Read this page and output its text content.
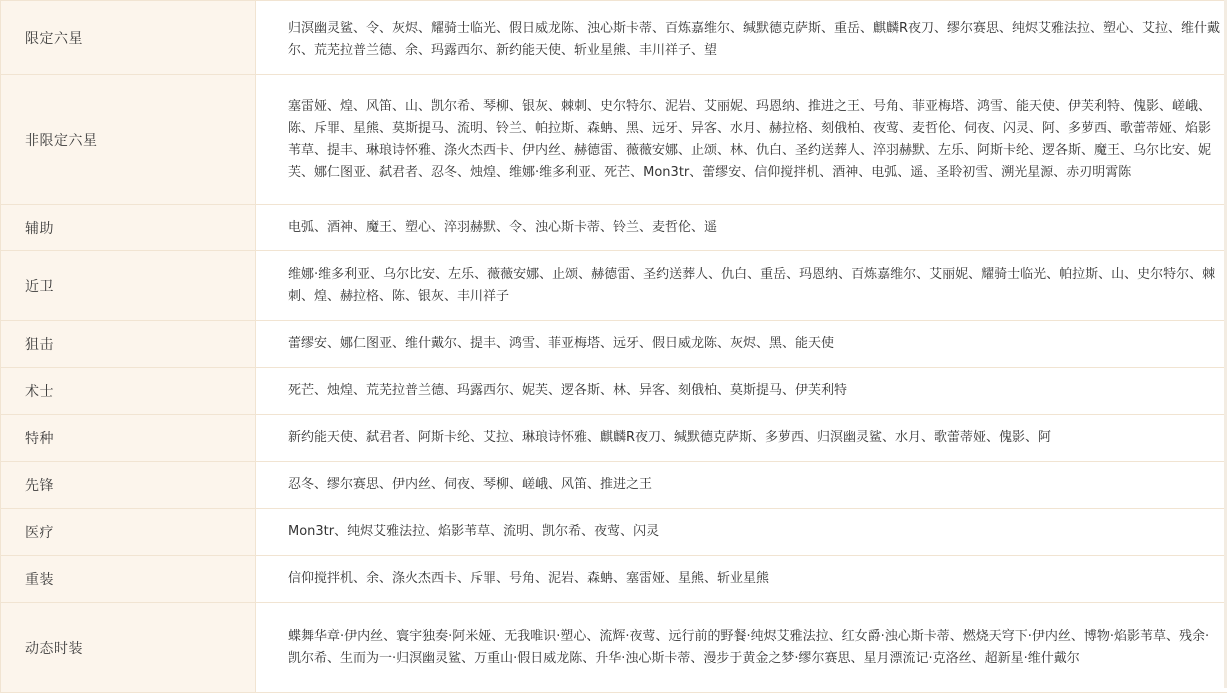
限定六星	归溟幽灵鲨、令、灰烬、耀骑士临光、假日威龙陈、浊心斯卡蒂、百炼嘉维尔、缄默德克萨斯、重岳、麒麟R夜刀、缪尔赛思、纯烬艾雅法拉、塑心、艾拉、维什戴尔、荒芜拉普兰德、余、玛露西尔、新约能天使、斩业星熊、丰川祥子、望
非限定六星	塞雷娅、煌、风笛、山、凯尔希、琴柳、银灰、棘刺、史尔特尔、泥岩、艾丽妮、玛恩纳、推进之王、号角、菲亚梅塔、鸿雪、能天使、伊芙利特、傀影、嵯峨、陈、斥罪、星熊、莫斯提马、流明、铃兰、帕拉斯、森蚺、黑、远牙、异客、水月、赫拉格、刻俄柏、夜莺、麦哲伦、伺夜、闪灵、阿、多萝西、歌蕾蒂娅、焰影苇草、提丰、琳琅诗怀雅、涤火杰西卡、伊内丝、赫德雷、薇薇安娜、止颂、林、仇白、圣约送葬人、淬羽赫默、左乐、阿斯卡纶、逻各斯、魔王、乌尔比安、妮芙、娜仁图亚、弑君者、忍冬、烛煌、维娜·维多利亚、死芒、Mon3tr、蕾缪安、信仰搅拌机、酒神、电弧、遥、圣聆初雪、溯光星源、赤刃明霄陈
辅助	电弧、酒神、魔王、塑心、淬羽赫默、令、浊心斯卡蒂、铃兰、麦哲伦、遥
近卫	维娜·维多利亚、乌尔比安、左乐、薇薇安娜、止颂、赫德雷、圣约送葬人、仇白、重岳、玛恩纳、百炼嘉维尔、艾丽妮、耀骑士临光、帕拉斯、山、史尔特尔、棘刺、煌、赫拉格、陈、银灰、丰川祥子
狙击	蕾缪安、娜仁图亚、维什戴尔、提丰、鸿雪、菲亚梅塔、远牙、假日威龙陈、灰烬、黑、能天使
术士	死芒、烛煌、荒芜拉普兰德、玛露西尔、妮芙、逻各斯、林、异客、刻俄柏、莫斯提马、伊芙利特
特种	新约能天使、弑君者、阿斯卡纶、艾拉、琳琅诗怀雅、麒麟R夜刀、缄默德克萨斯、多萝西、归溟幽灵鲨、水月、歌蕾蒂娅、傀影、阿
先锋	忍冬、缪尔赛思、伊内丝、伺夜、琴柳、嵯峨、风笛、推进之王
医疗	Mon3tr、纯烬艾雅法拉、焰影苇草、流明、凯尔希、夜莺、闪灵
重装	信仰搅拌机、余、涤火杰西卡、斥罪、号角、泥岩、森蚺、塞雷娅、星熊、斩业星熊
动态时装	蝶舞华章·伊内丝、寰宇独奏·阿米娅、无我唯识·塑心、流辉·夜莺、远行前的野餐·纯烬艾雅法拉、红女爵·浊心斯卡蒂、燃烧天穹下·伊内丝、博物·焰影苇草、残余·凯尔希、生而为一·归溟幽灵鲨、万重山·假日威龙陈、升华·浊心斯卡蒂、漫步于黄金之梦·缪尔赛思、星月漂流记·克洛丝、超新星·维什戴尔
